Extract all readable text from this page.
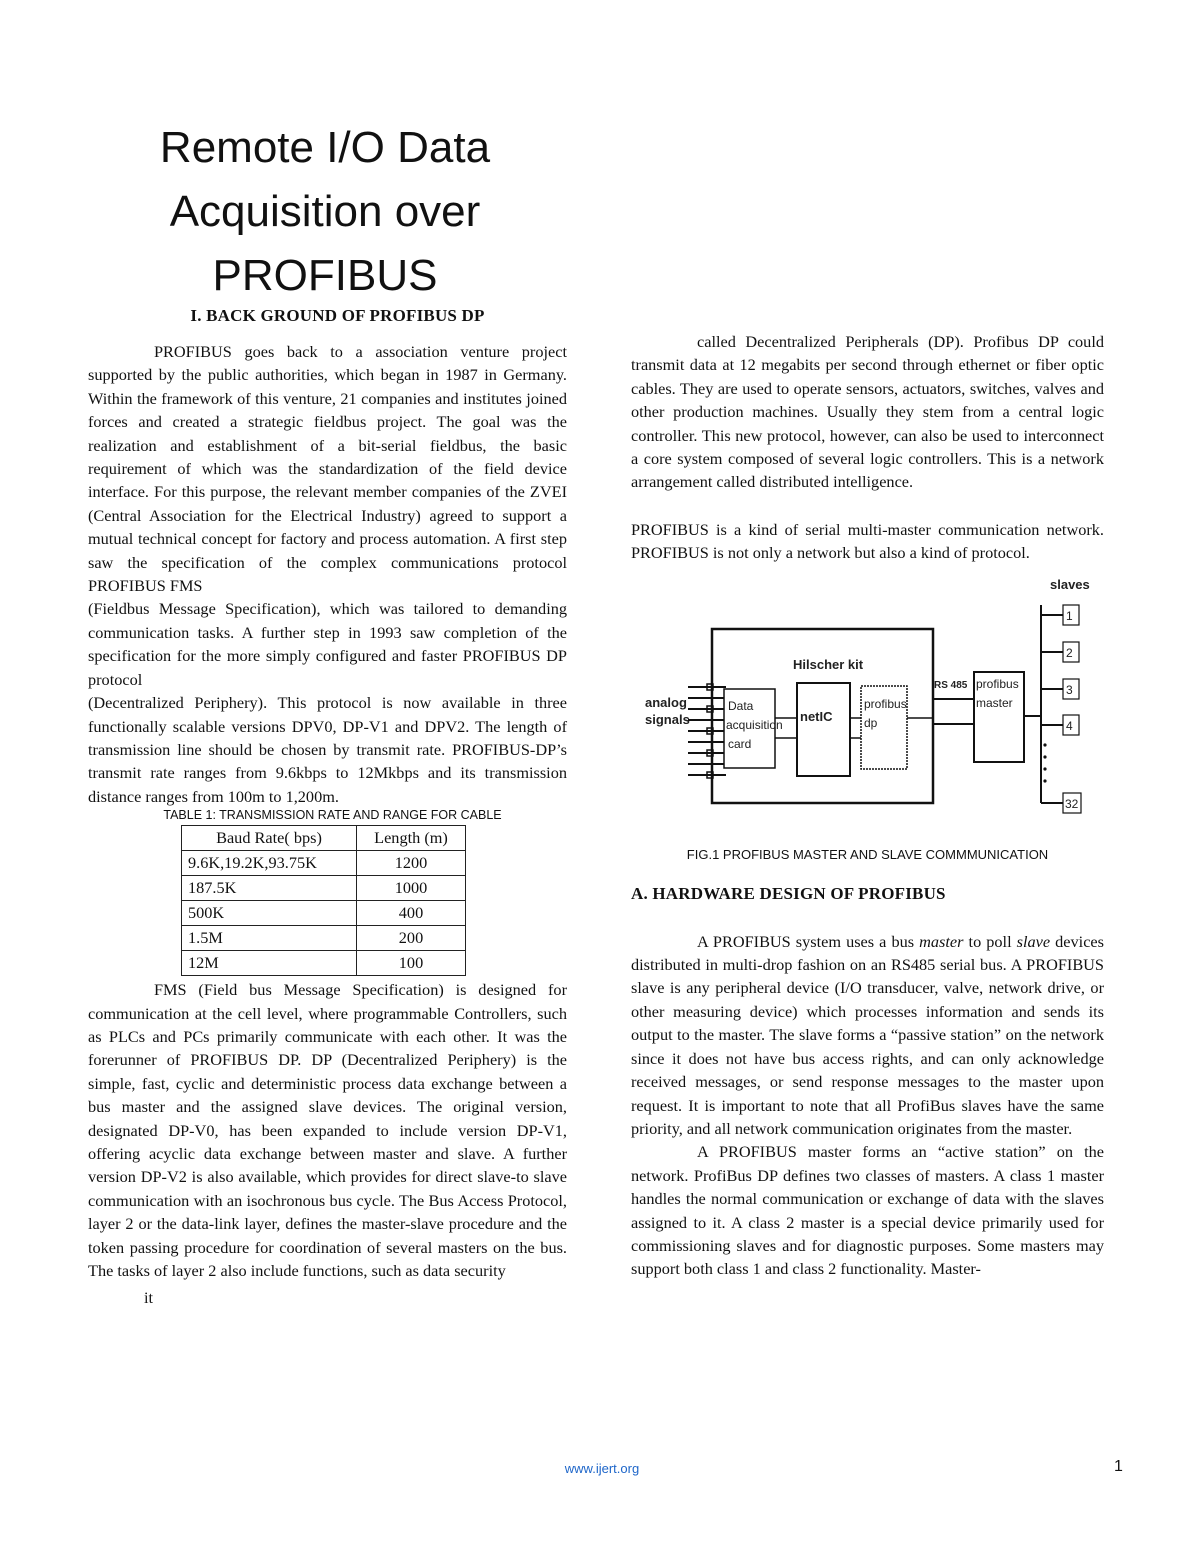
Remote I/O Data
Acquisition over
PROFIBUS
I. BACK GROUND OF PROFIBUS DP

PROFIBUS goes back to a association venture project supported by the public authorities, which began in 1987 in Germany. Within the framework of this venture, 21 companies and institutes joined forces and created a strategic fieldbus project. The goal was the realization and establishment of a bit-serial fieldbus, the basic requirement of which was the standardization of the field device interface. For this purpose, the relevant member companies of the ZVEI (Central Association for the Electrical Industry) agreed to support a mutual technical concept for factory and process automation. A first step saw the specification of the complex communications protocol PROFIBUS FMS

(Fieldbus Message Specification), which was tailored to demanding communication tasks. A further step in 1993 saw completion of the specification for the more simply configured and faster PROFIBUS DP protocol

(Decentralized Periphery). This protocol is now available in three functionally scalable versions DPV0, DP-V1 and DPV2. The length of transmission line should be chosen by transmit rate. PROFIBUS-DP’s transmit rate ranges from 9.6kbps to 12Mkbps and its transmission distance ranges from 100m to 1,200m.

TABLE 1: TRANSMISSION RATE AND RANGE FOR CABLE

Baud Rate( bps)	Length (m)
9.6K,19.2K,93.75K	1200
187.5K	1000
500K	400
1.5M	200
12M	100

FMS (Field bus Message Specification) is designed for communication at the cell level, where programmable Controllers, such as PLCs and PCs primarily communicate with each other. It was the forerunner of PROFIBUS DP. DP (Decentralized Periphery) is the simple, fast, cyclic and deterministic process data exchange between a bus master and the assigned slave devices. The original version, designated DP-V0, has been expanded to include version DP-V1, offering acyclic data exchange between master and slave. A further version DP-V2 is also available, which provides for direct slave-to slave communication with an isochronous bus cycle. The Bus Access Protocol, layer 2 or the data-link layer, defines the master-slave procedure and the token passing procedure for coordination of several masters on the bus. The tasks of layer 2 also include functions, such as data security

it

called Decentralized Peripherals (DP). Profibus DP could transmit data at 12 megabits per second through ethernet or fiber optic cables. They are used to operate sensors, actuators, switches, valves and other production machines. Usually they stem from a central logic controller. This new protocol, however, can also be used to interconnect a core system composed of several logic controllers. This is a network arrangement called distributed intelligence.

PROFIBUS is a kind of serial multi-master communication network. PROFIBUS is not only a network but also a kind of protocol.

slaves
Hilscher kit
analog
signals
Data
acquisition
card
netIC
profibus
dp
RS 485 profibus
master
1
2
3
4
32

FIG.1 PROFIBUS MASTER AND SLAVE COMMMUNICATION

A. HARDWARE DESIGN OF PROFIBUS

A PROFIBUS system uses a bus master to poll slave devices distributed in multi-drop fashion on an RS485 serial bus. A PROFIBUS slave is any peripheral device (I/O transducer, valve, network drive, or other measuring device) which processes information and sends its output to the master. The slave forms a “passive station” on the network since it does not have bus access rights, and can only acknowledge received messages, or send response messages to the master upon request. It is important to note that all ProfiBus slaves have the same priority, and all network communication originates from the master.

A PROFIBUS master forms an “active station” on the network. ProfiBus DP defines two classes of masters. A class 1 master handles the normal communication or exchange of data with the slaves assigned to it. A class 2 master is a special device primarily used for commissioning slaves and for diagnostic purposes. Some masters may support both class 1 and class 2 functionality. Master-

www.ijert.org	1
